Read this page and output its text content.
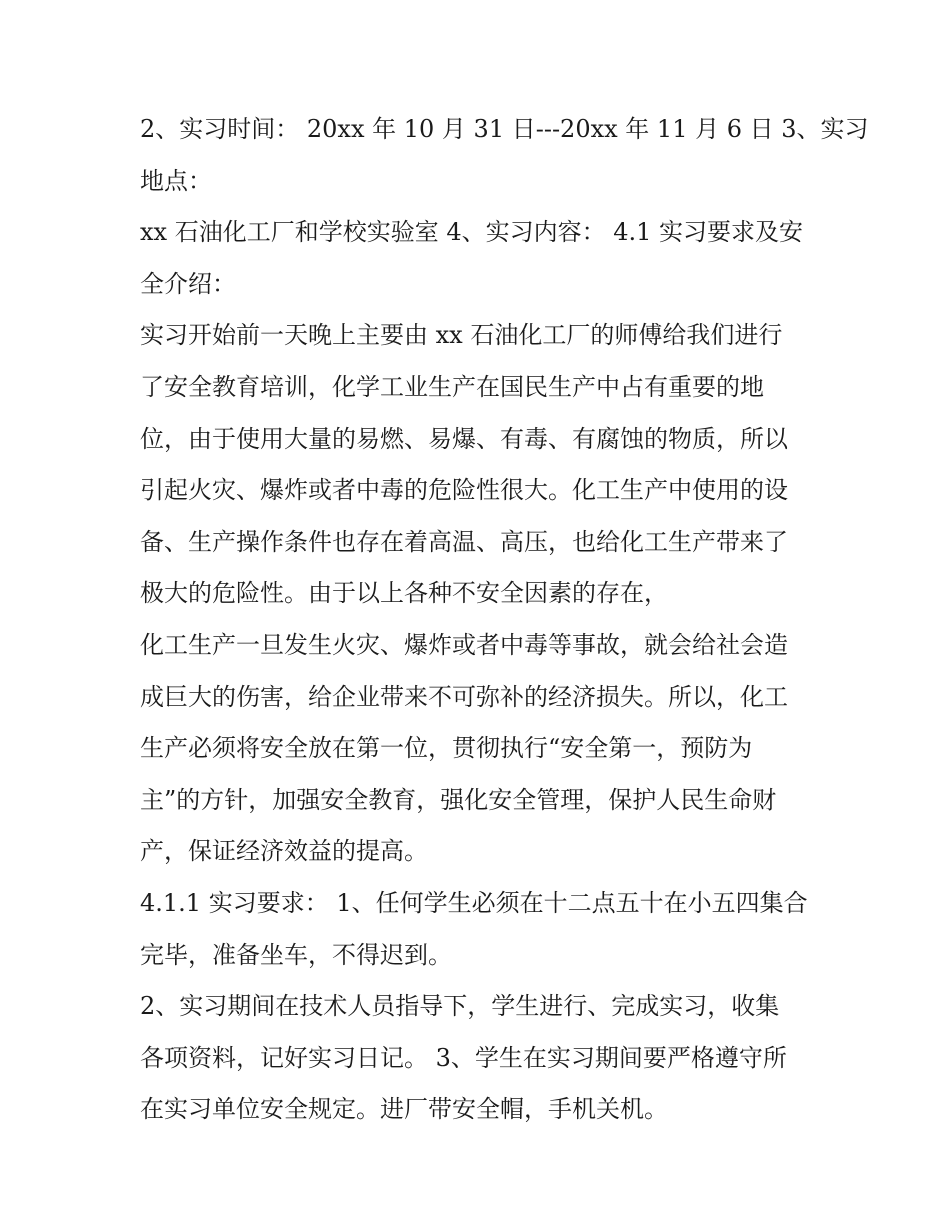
2、实习时间： 20xx 年 10 月 31 日---20xx 年 11 月 6 日 3、实习
地点：
xx 石油化工厂和学校实验室 4、实习内容： 4.1 实习要求及安
全介绍：
实习开始前一天晚上主要由 xx 石油化工厂的师傅给我们进行
了安全教育培训，化学工业生产在国民生产中占有重要的地
位，由于使用大量的易燃、易爆、有毒、有腐蚀的物质，所以
引起火灾、爆炸或者中毒的危险性很大。化工生产中使用的设
备、生产操作条件也存在着高温、高压，也给化工生产带来了
极大的危险性。由于以上各种不安全因素的存在，
化工生产一旦发生火灾、爆炸或者中毒等事故，就会给社会造
成巨大的伤害，给企业带来不可弥补的经济损失。所以，化工
生产必须将安全放在第一位，贯彻执行“安全第一，预防为
主”的方针，加强安全教育，强化安全管理，保护人民生命财
产，保证经济效益的提高。
4.1.1 实习要求： 1、任何学生必须在十二点五十在小五四集合
完毕，准备坐车，不得迟到。
2、实习期间在技术人员指导下，学生进行、完成实习，收集
各项资料，记好实习日记。 3、学生在实习期间要严格遵守所
在实习单位安全规定。进厂带安全帽，手机关机。
